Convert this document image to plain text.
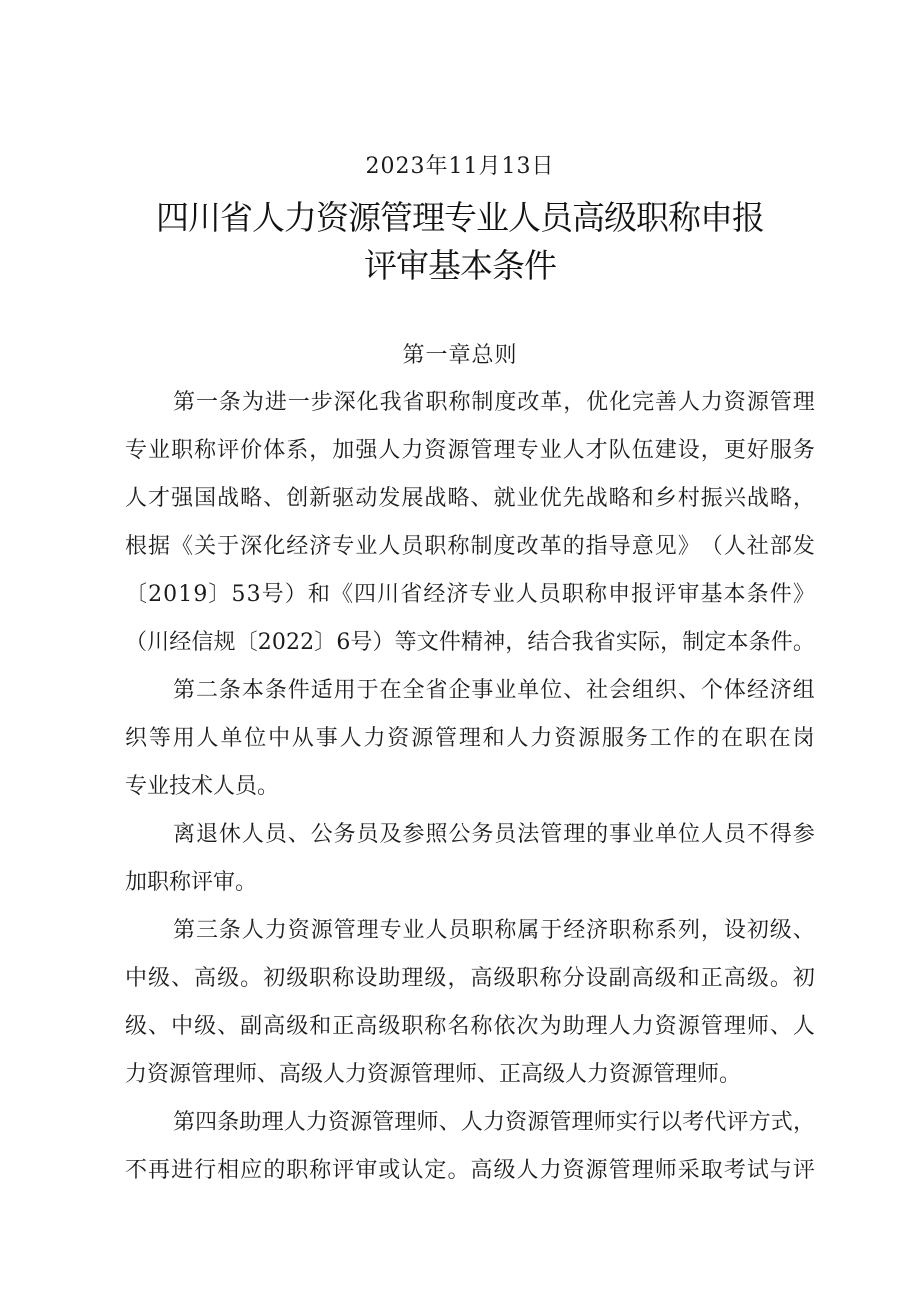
2023年11月13日
四川省人力资源管理专业人员高级职称申报
评审基本条件
第一章总则
第 一 条 为 进 一 步 深 化 我 省 职 称 制 度 改 革 ， 优 化 完 善 人 力 资 源 管 理
专 业 职 称 评 价 体 系 ， 加 强 人 力 资 源 管 理 专 业 人 才 队 伍 建 设 ， 更 好 服 务
人 才 强 国 战 略 、 创 新 驱 动 发 展 战 略 、 就 业 优 先 战 略 和 乡 村 振 兴 战 略 ，
根 据 《 关 于 深 化 经 济 专 业 人 员 职 称 制 度 改 革 的 指 导 意 见 》 （ 人 社 部 发
〔 2 0 1 9 〕 5 3 号 ） 和 《 四 川 省 经 济 专 业 人 员 职 称 申 报 评 审 基 本 条 件 》
（ 川 经 信 规 〔 2 0 2 2 〕 6 号 ） 等 文 件 精 神 ， 结 合 我 省 实 际 ， 制 定 本 条 件 。
第 二 条 本 条 件 适 用 于 在 全 省 企 事 业 单 位 、 社 会 组 织 、 个 体 经 济 组
织 等 用 人 单 位 中 从 事 人 力 资 源 管 理 和 人 力 资 源 服 务 工 作 的 在 职 在 岗
专业技术人员。
离 退 休 人 员 、 公 务 员 及 参 照 公 务 员 法 管 理 的 事 业 单 位 人 员 不 得 参
加职称评审。
第 三 条 人 力 资 源 管 理 专 业 人 员 职 称 属 于 经 济 职 称 系 列 ， 设 初 级 、
中 级 、 高 级 。 初 级 职 称 设 助 理 级 ， 高 级 职 称 分 设 副 高 级 和 正 高 级 。 初
级 、 中 级 、 副 高 级 和 正 高 级 职 称 名 称 依 次 为 助 理 人 力 资 源 管 理 师 、 人
力资源管理师、高级人力资源管理师、正高级人力资源管理师。
第 四 条 助 理 人 力 资 源 管 理 师 、 人 力 资 源 管 理 师 实 行 以 考 代 评 方 式 ，
不 再 进 行 相 应 的 职 称 评 审 或 认 定 。 高 级 人 力 资 源 管 理 师 采 取 考 试 与 评
